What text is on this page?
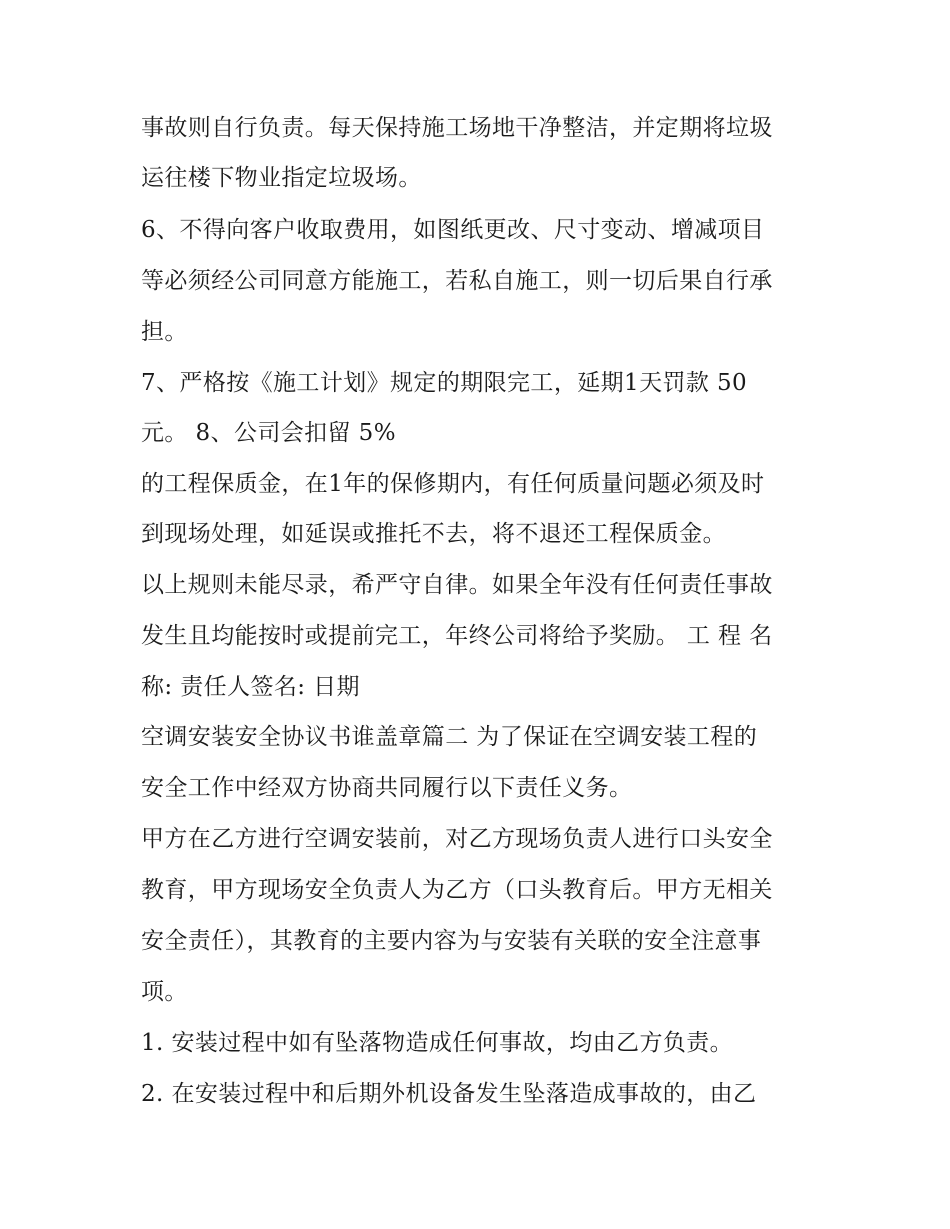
事故则自行负责。每天保持施工场地干净整洁，并定期将垃圾
运往楼下物业指定垃圾场。
6、不得向客户收取费用，如图纸更改、尺寸变动、增减项目
等必须经公司同意方能施工，若私自施工，则一切后果自行承
担。
7、严格按《施工计划》规定的期限完工，延期1天罚款 50
元。 8、公司会扣留 5%
的工程保质金，在1年的保修期内，有任何质量问题必须及时
到现场处理，如延误或推托不去，将不退还工程保质金。
以上规则未能尽录，希严守自律。如果全年没有任何责任事故
发生且均能按时或提前完工，年终公司将给予奖励。 工 程 名
称: 责任人签名: 日期
空调安装安全协议书谁盖章篇二 为了保证在空调安装工程的
安全工作中经双方协商共同履行以下责任义务。
甲方在乙方进行空调安装前，对乙方现场负责人进行口头安全
教育，甲方现场安全负责人为乙方（口头教育后。甲方无相关
安全责任），其教育的主要内容为与安装有关联的安全注意事
项。
1. 安装过程中如有坠落物造成任何事故，均由乙方负责。
2. 在安装过程中和后期外机设备发生坠落造成事故的，由乙
